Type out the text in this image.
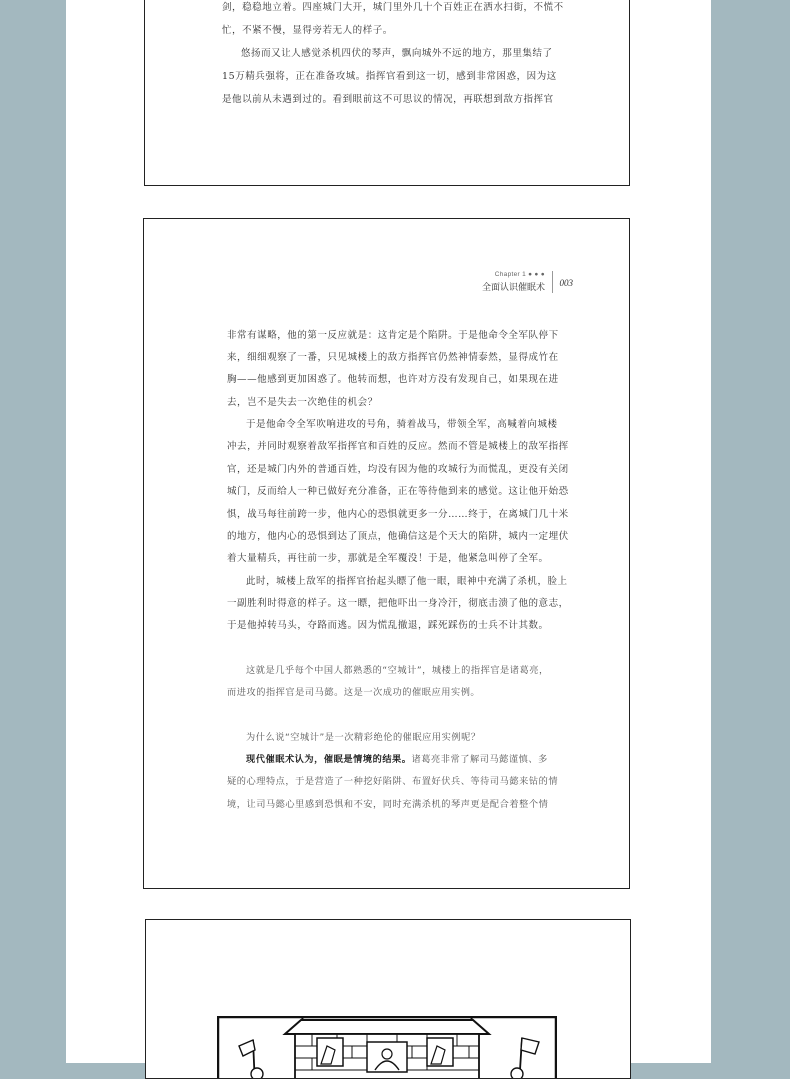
剑，稳稳地立着。四座城门大开，城门里外几十个百姓正在洒水扫街，不慌不
忙，不紧不慢，显得旁若无人的样子。
悠扬而又让人感觉杀机四伏的琴声，飘向城外不远的地方，那里集结了
15万精兵强将，正在准备攻城。指挥官看到这一切，感到非常困惑，因为这
是他以前从未遇到过的。看到眼前这不可思议的情况，再联想到敌方指挥官
Chapter 1 ● ● ●
全面认识催眠术 003
非常有谋略，他的第一反应就是：这肯定是个陷阱。于是他命令全军队停下
来，细细观察了一番，只见城楼上的敌方指挥官仍然神情泰然，显得成竹在
胸——他感到更加困惑了。他转而想，也许对方没有发现自己，如果现在进
去，岂不是失去一次绝佳的机会？
于是他命令全军吹响进攻的号角，骑着战马，带领全军，高喊着向城楼
冲去，并同时观察着敌军指挥官和百姓的反应。然而不管是城楼上的敌军指挥
官，还是城门内外的普通百姓，均没有因为他的攻城行为而慌乱，更没有关闭
城门，反而给人一种已做好充分准备，正在等待他到来的感觉。这让他开始恐
惧，战马每往前跨一步，他内心的恐惧就更多一分……终于，在离城门几十米
的地方，他内心的恐惧到达了顶点，他确信这是个天大的陷阱，城内一定埋伏
着大量精兵，再往前一步，那就是全军覆没！于是，他紧急叫停了全军。
此时，城楼上敌军的指挥官抬起头瞟了他一眼，眼神中充满了杀机，脸上
一副胜利时得意的样子。这一瞟，把他吓出一身冷汗，彻底击溃了他的意志，
于是他掉转马头，夺路而逃。因为慌乱撤退，踩死踩伤的士兵不计其数。
这就是几乎每个中国人都熟悉的“空城计”，城楼上的指挥官是诸葛亮，
而进攻的指挥官是司马懿。这是一次成功的催眠应用实例。
为什么说“空城计”是一次精彩绝伦的催眠应用实例呢？
现代催眠术认为，催眠是情境的结果。诸葛亮非常了解司马懿谨慎、多
疑的心理特点，于是营造了一种挖好陷阱、布置好伏兵、等待司马懿来钻的情
境，让司马懿心里感到恐惧和不安，同时充满杀机的琴声更是配合着整个情
